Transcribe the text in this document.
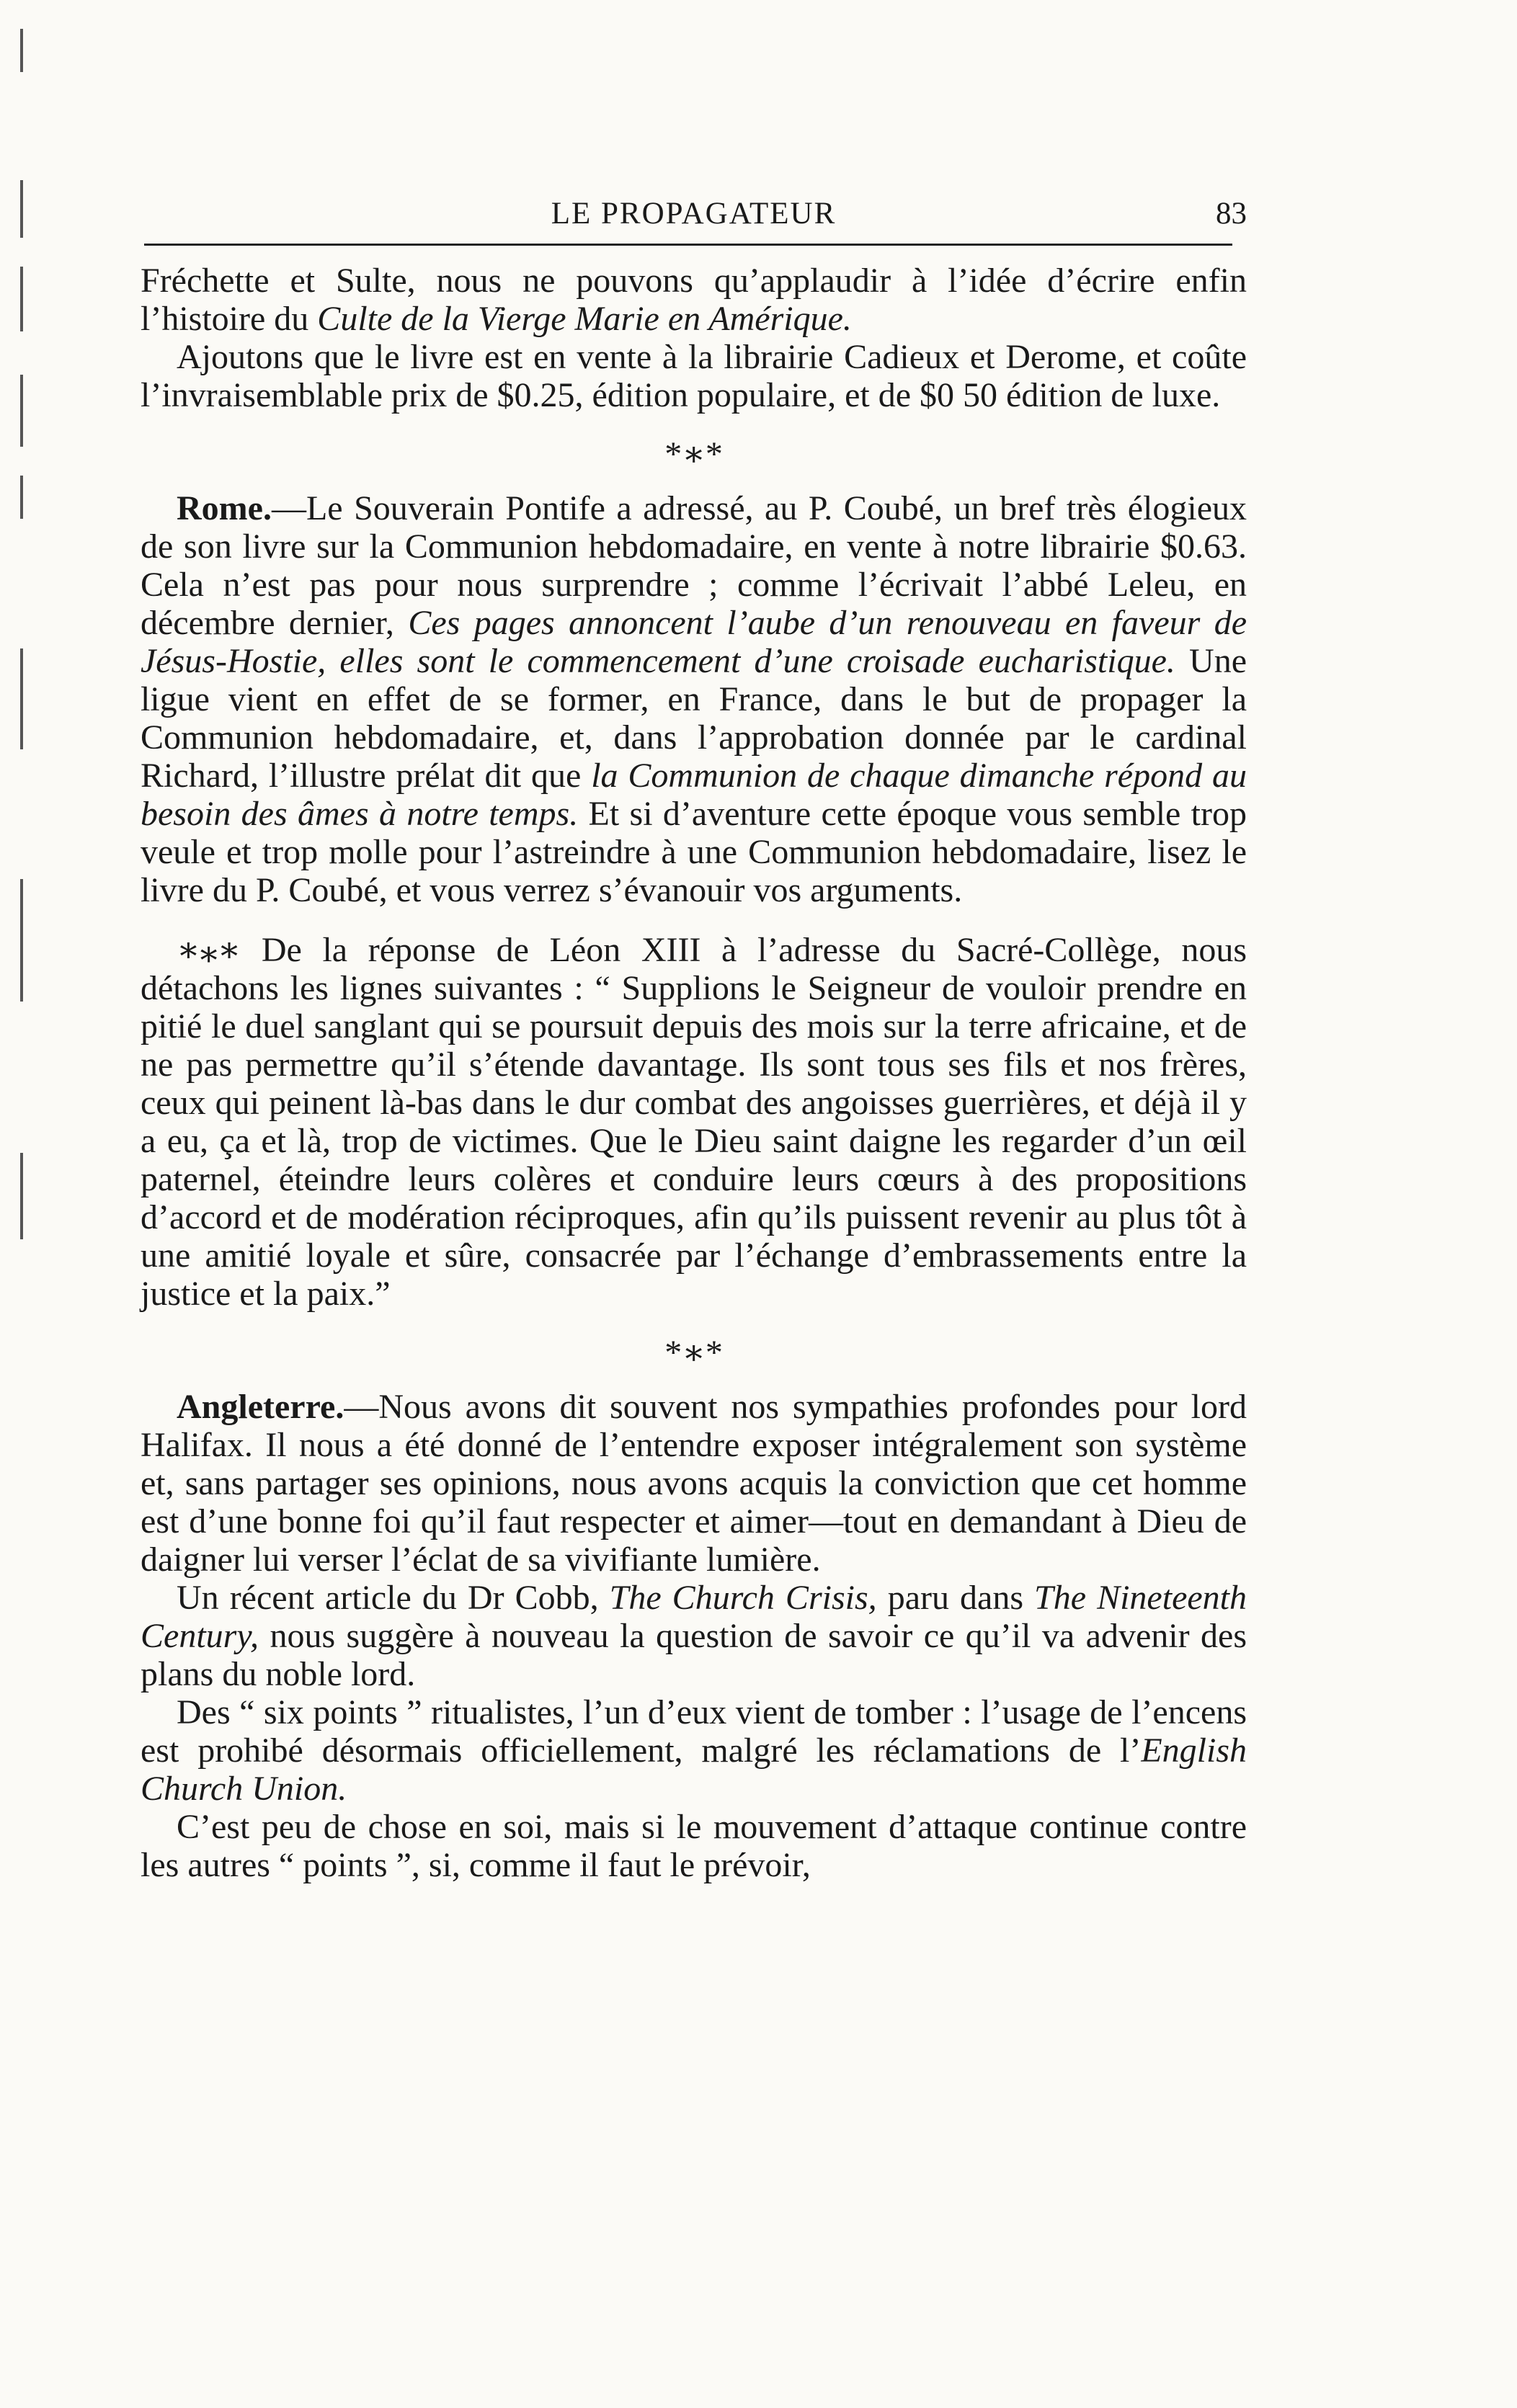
LE PROPAGATEUR	83

Fréchette et Sulte, nous ne pouvons qu’applaudir à l’idée d’écrire enfin l’histoire du Culte de la Vierge Marie en Amérique.

Ajoutons que le livre est en vente à la librairie Cadieux et Derome, et coûte l’invraisemblable prix de $0.25, édition populaire, et de $0 50 édition de luxe.

*∗*

Rome.—Le Souverain Pontife a adressé, au P. Coubé, un bref très élogieux de son livre sur la Communion hebdomadaire, en vente à notre librairie $0.63. Cela n’est pas pour nous surprendre ; comme l’écrivait l’abbé Leleu, en décembre dernier, Ces pages annoncent l’aube d’un renouveau en faveur de Jésus-Hostie, elles sont le commencement d’une croisade eucharistique. Une ligue vient en effet de se former, en France, dans le but de propager la Communion hebdomadaire, et, dans l’approbation donnée par le cardinal Richard, l’illustre prélat dit que la Communion de chaque dimanche répond au besoin des âmes à notre temps. Et si d’aventure cette époque vous semble trop veule et trop molle pour l’astreindre à une Communion hebdomadaire, lisez le livre du P. Coubé, et vous verrez s’évanouir vos arguments.

∗⁎∗ De la réponse de Léon XIII à l’adresse du Sacré-Collège, nous détachons les lignes suivantes : “ Supplions le Seigneur de vouloir prendre en pitié le duel sanglant qui se poursuit depuis des mois sur la terre africaine, et de ne pas permettre qu’il s’étende davantage. Ils sont tous ses fils et nos frères, ceux qui peinent là-bas dans le dur combat des angoisses guerrières, et déjà il y a eu, ça et là, trop de victimes. Que le Dieu saint daigne les regarder d’un œil paternel, éteindre leurs colères et conduire leurs cœurs à des propositions d’accord et de modération réciproques, afin qu’ils puissent revenir au plus tôt à une amitié loyale et sûre, consacrée par l’échange d’embrassements entre la justice et la paix.”

*∗*

Angleterre.—Nous avons dit souvent nos sympathies profondes pour lord Halifax. Il nous a été donné de l’entendre exposer intégralement son système et, sans partager ses opinions, nous avons acquis la conviction que cet homme est d’une bonne foi qu’il faut respecter et aimer—tout en demandant à Dieu de daigner lui verser l’éclat de sa vivifiante lumière.

Un récent article du Dr Cobb, The Church Crisis, paru dans The Nineteenth Century, nous suggère à nouveau la question de savoir ce qu’il va advenir des plans du noble lord.

Des “ six points ” ritualistes, l’un d’eux vient de tomber : l’usage de l’encens est prohibé désormais officiellement, malgré les réclamations de l’English Church Union.

C’est peu de chose en soi, mais si le mouvement d’attaque continue contre les autres “ points ”, si, comme il faut le prévoir,
